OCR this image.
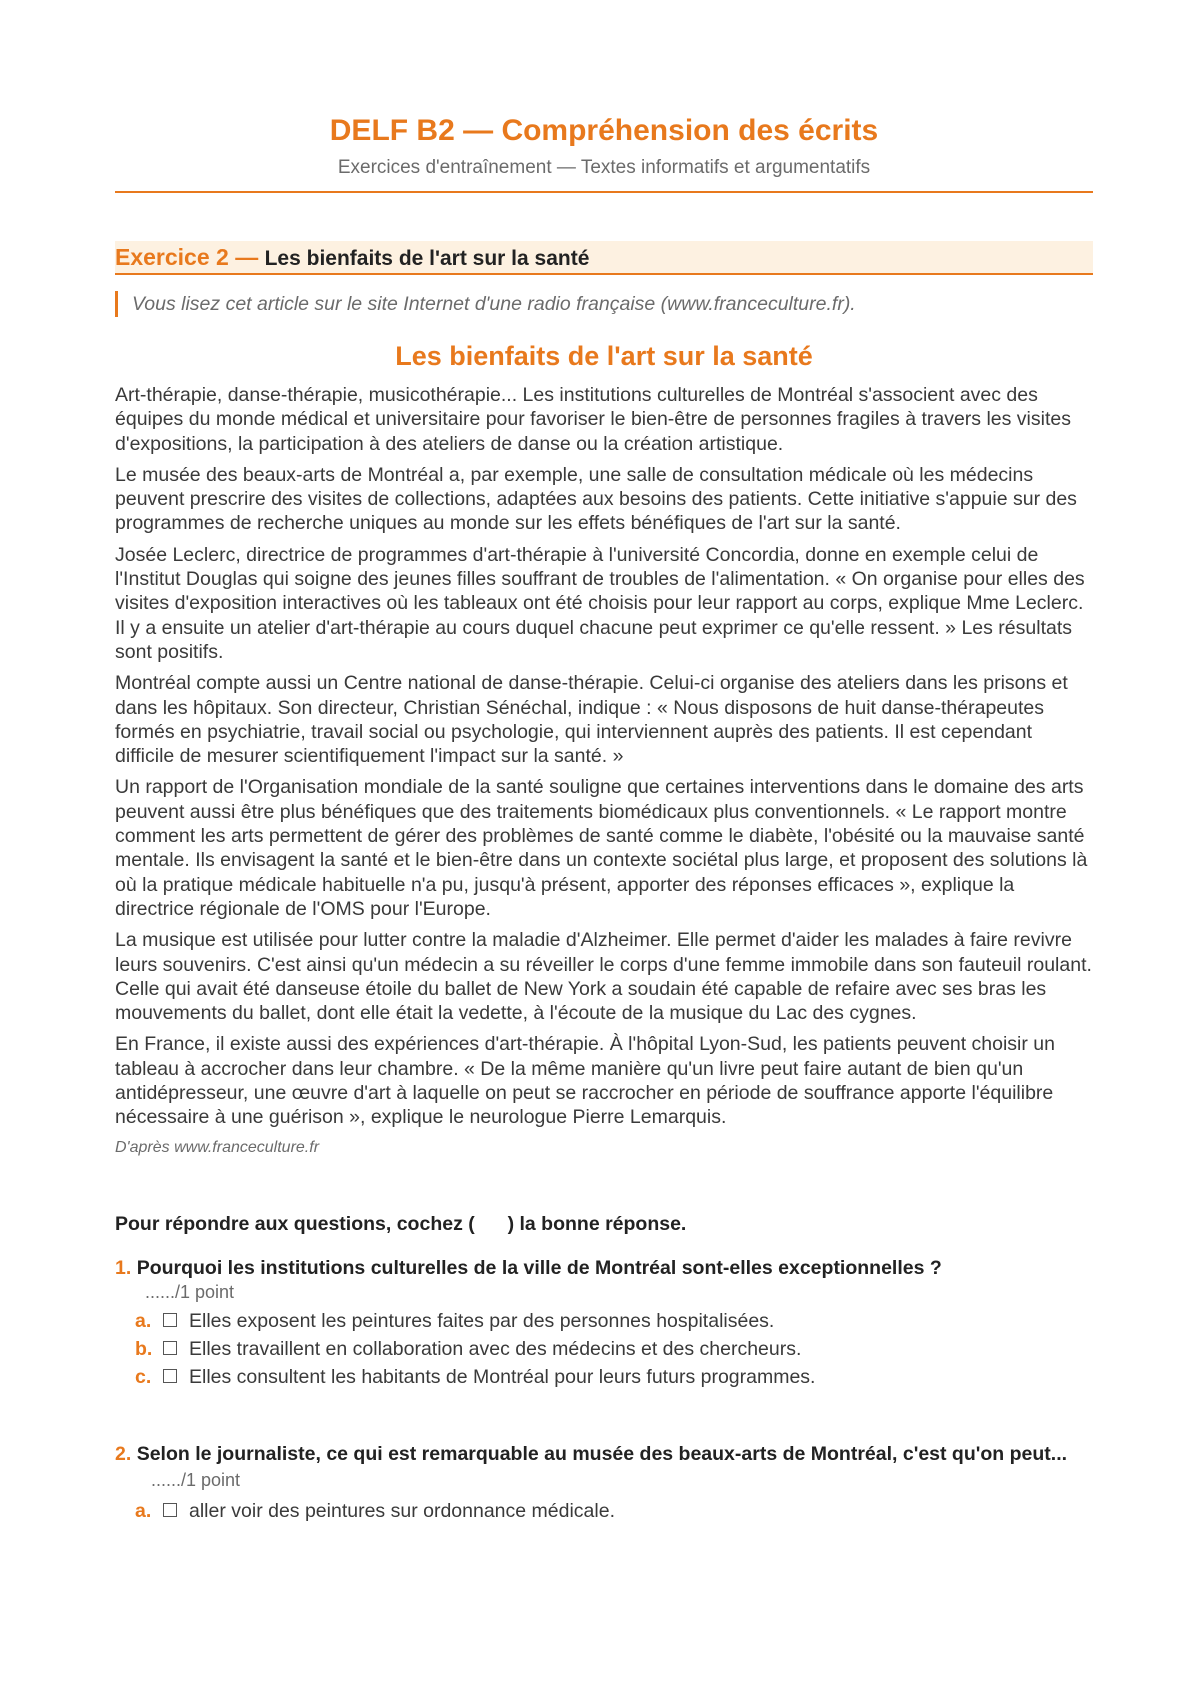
DELF B2 — Compréhension des écrits
Exercices d'entraînement — Textes informatifs et argumentatifs
Exercice 2 — Les bienfaits de l'art sur la santé
Vous lisez cet article sur le site Internet d'une radio française (www.franceculture.fr).
Les bienfaits de l'art sur la santé

Art-thérapie, danse-thérapie, musicothérapie... Les institutions culturelles de Montréal s'associent avec des équipes du monde médical et universitaire pour favoriser le bien-être de personnes fragiles à travers les visites d'expositions, la participation à des ateliers de danse ou la création artistique.

Le musée des beaux-arts de Montréal a, par exemple, une salle de consultation médicale où les médecins peuvent prescrire des visites de collections, adaptées aux besoins des patients. Cette initiative s'appuie sur des programmes de recherche uniques au monde sur les effets bénéfiques de l'art sur la santé.

Josée Leclerc, directrice de programmes d'art-thérapie à l'université Concordia, donne en exemple celui de l'Institut Douglas qui soigne des jeunes filles souffrant de troubles de l'alimentation. « On organise pour elles des visites d'exposition interactives où les tableaux ont été choisis pour leur rapport au corps, explique Mme Leclerc. Il y a ensuite un atelier d'art-thérapie au cours duquel chacune peut exprimer ce qu'elle ressent. » Les résultats sont positifs.

Montréal compte aussi un Centre national de danse-thérapie. Celui-ci organise des ateliers dans les prisons et dans les hôpitaux. Son directeur, Christian Sénéchal, indique : « Nous disposons de huit danse-thérapeutes formés en psychiatrie, travail social ou psychologie, qui interviennent auprès des patients. Il est cependant difficile de mesurer scientifiquement l'impact sur la santé. »

Un rapport de l'Organisation mondiale de la santé souligne que certaines interventions dans le domaine des arts peuvent aussi être plus bénéfiques que des traitements biomédicaux plus conventionnels. « Le rapport montre comment les arts permettent de gérer des problèmes de santé comme le diabète, l'obésité ou la mauvaise santé mentale. Ils envisagent la santé et le bien-être dans un contexte sociétal plus large, et proposent des solutions là où la pratique médicale habituelle n'a pu, jusqu'à présent, apporter des réponses efficaces », explique la directrice régionale de l'OMS pour l'Europe.

La musique est utilisée pour lutter contre la maladie d'Alzheimer. Elle permet d'aider les malades à faire revivre leurs souvenirs. C'est ainsi qu'un médecin a su réveiller le corps d'une femme immobile dans son fauteuil roulant. Celle qui avait été danseuse étoile du ballet de New York a soudain été capable de refaire avec ses bras les mouvements du ballet, dont elle était la vedette, à l'écoute de la musique du Lac des cygnes.

En France, il existe aussi des expériences d'art-thérapie. À l'hôpital Lyon-Sud, les patients peuvent choisir un tableau à accrocher dans leur chambre. « De la même manière qu'un livre peut faire autant de bien qu'un antidépresseur, une œuvre d'art à laquelle on peut se raccrocher en période de souffrance apporte l'équilibre nécessaire à une guérison », explique le neurologue Pierre Lemarquis.

D'après www.franceculture.fr
Pour répondre aux questions, cochez ( ) la bonne réponse.
1. Pourquoi les institutions culturelles de la ville de Montréal sont-elles exceptionnelles ?
....../1 point
a. Elles exposent les peintures faites par des personnes hospitalisées.
b. Elles travaillent en collaboration avec des médecins et des chercheurs.
c. Elles consultent les habitants de Montréal pour leurs futurs programmes.
2. Selon le journaliste, ce qui est remarquable au musée des beaux-arts de Montréal, c'est qu'on peut... ....../1 point
a. aller voir des peintures sur ordonnance médicale.
